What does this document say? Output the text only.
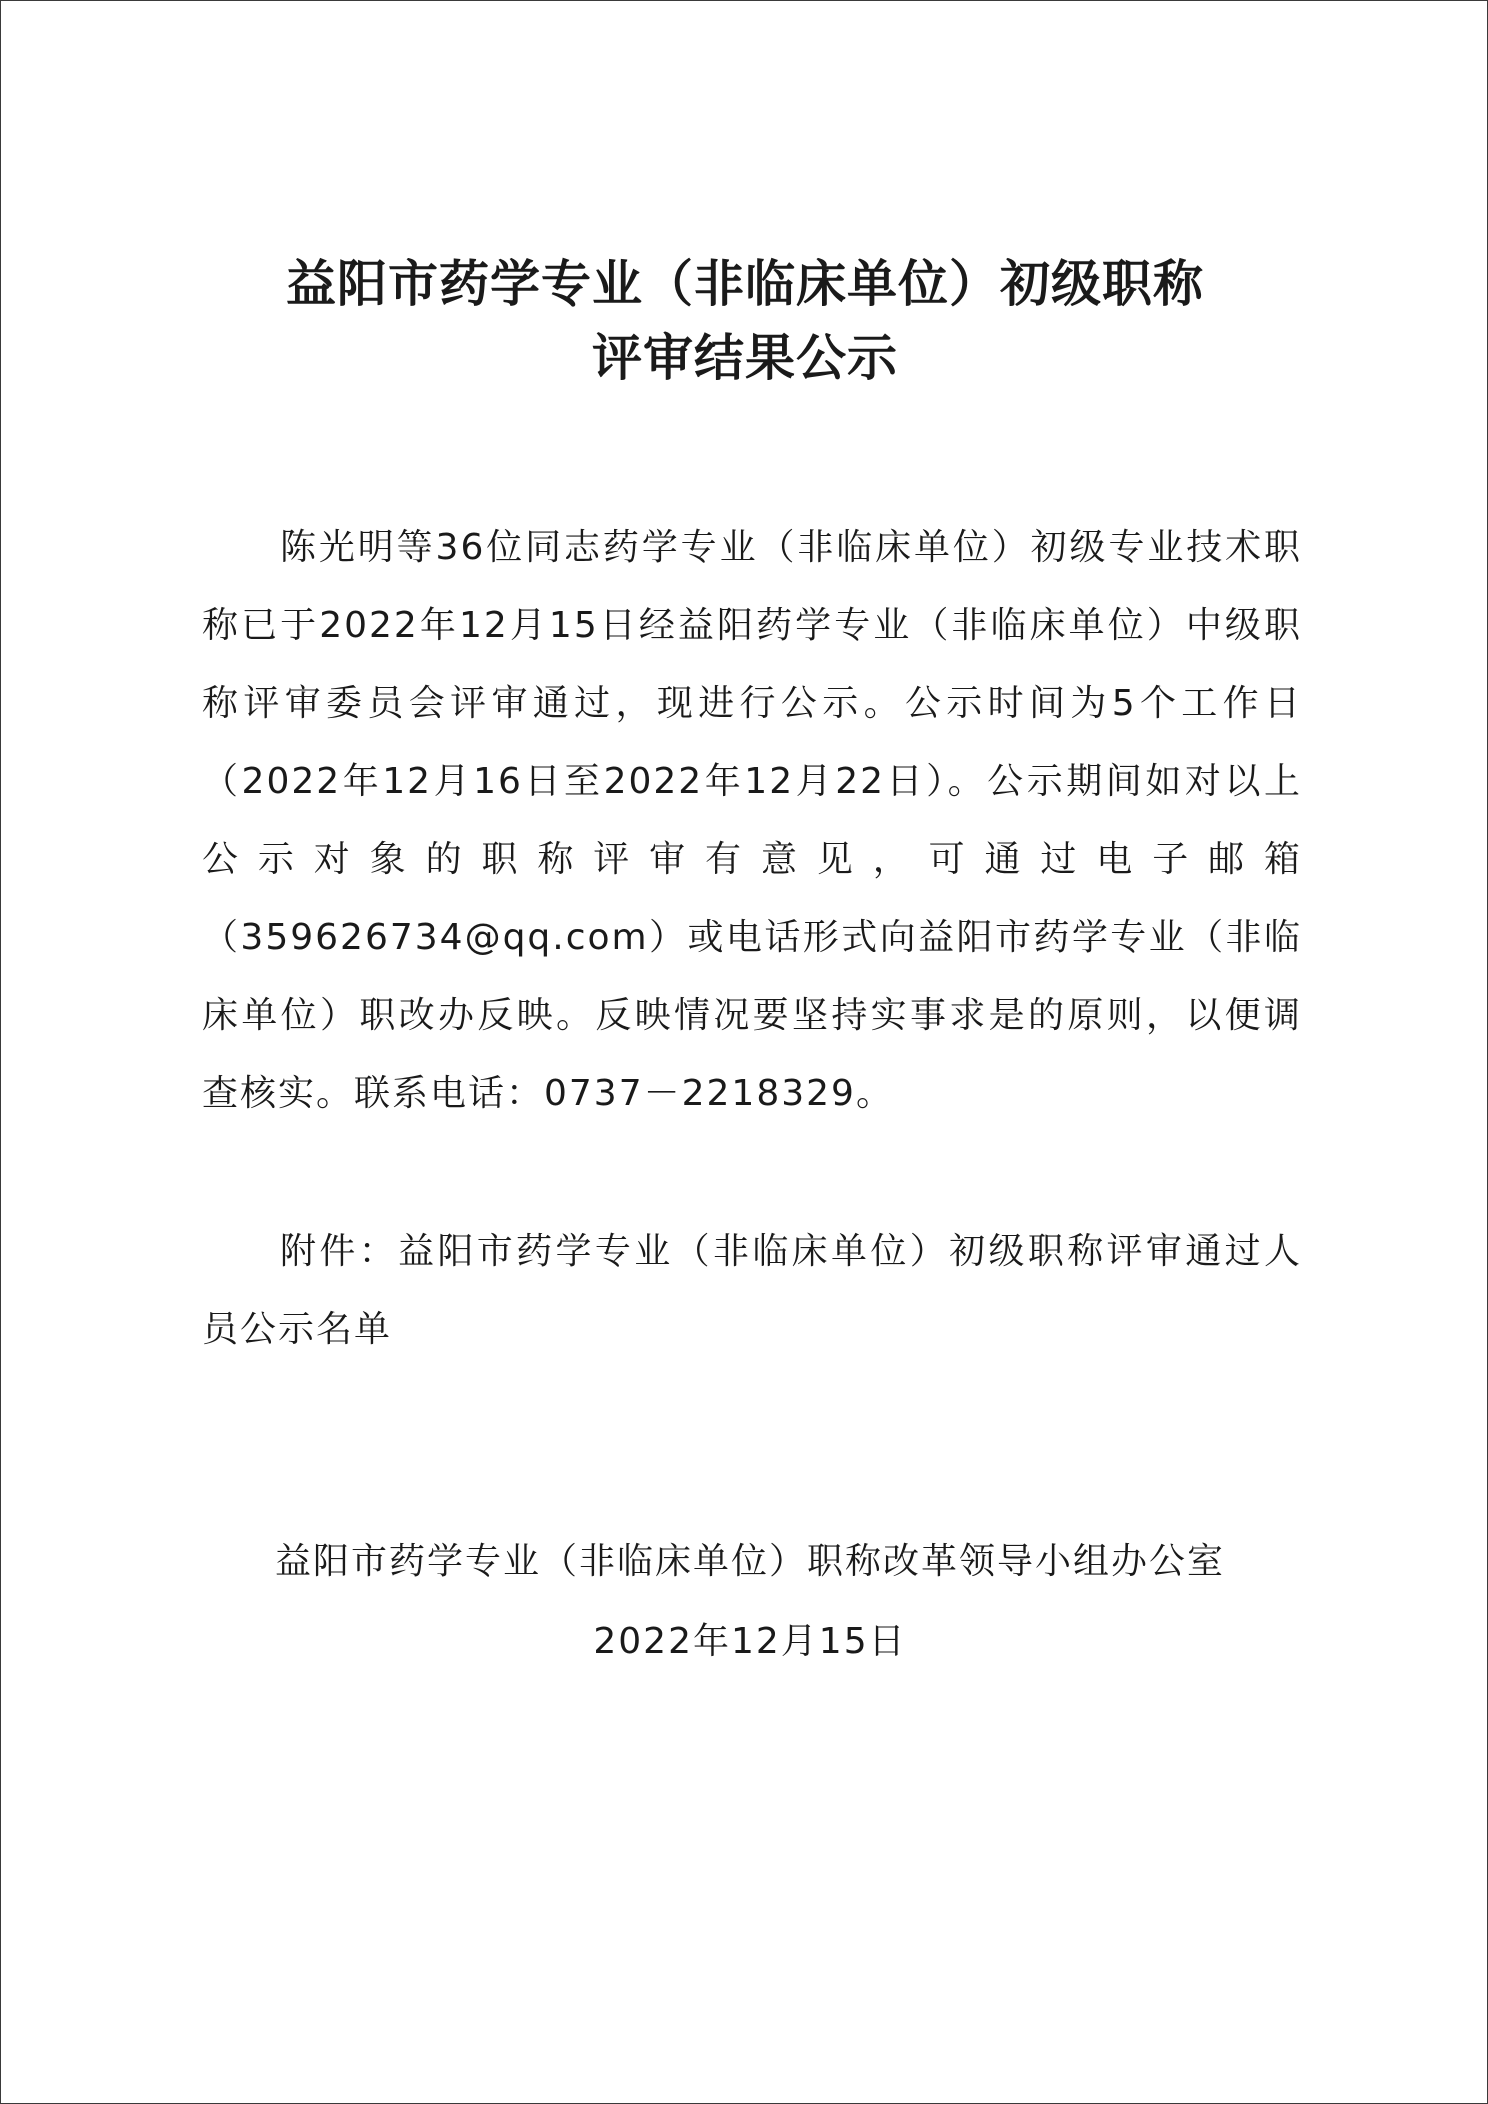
益阳市药学专业（非临床单位）初级职称
评审结果公示
陈光明等36位同志药学专业（非临床单位）初级专业技术职称已于2022年12月15日经益阳药学专业（非临床单位）中级职称评审委员会评审通过，现进行公示。公示时间为5个工作日（2022年12月16日至2022年12月22日）。公示期间如对以上公示对象的职称评审有意见，可通过电子邮箱（359626734@qq.com）或电话形式向益阳市药学专业（非临床单位）职改办反映。反映情况要坚持实事求是的原则，以便调查核实。联系电话：0737－2218329。
附件：益阳市药学专业（非临床单位）初级职称评审通过人员公示名单
益阳市药学专业（非临床单位）职称改革领导小组办公室
2022年12月15日
